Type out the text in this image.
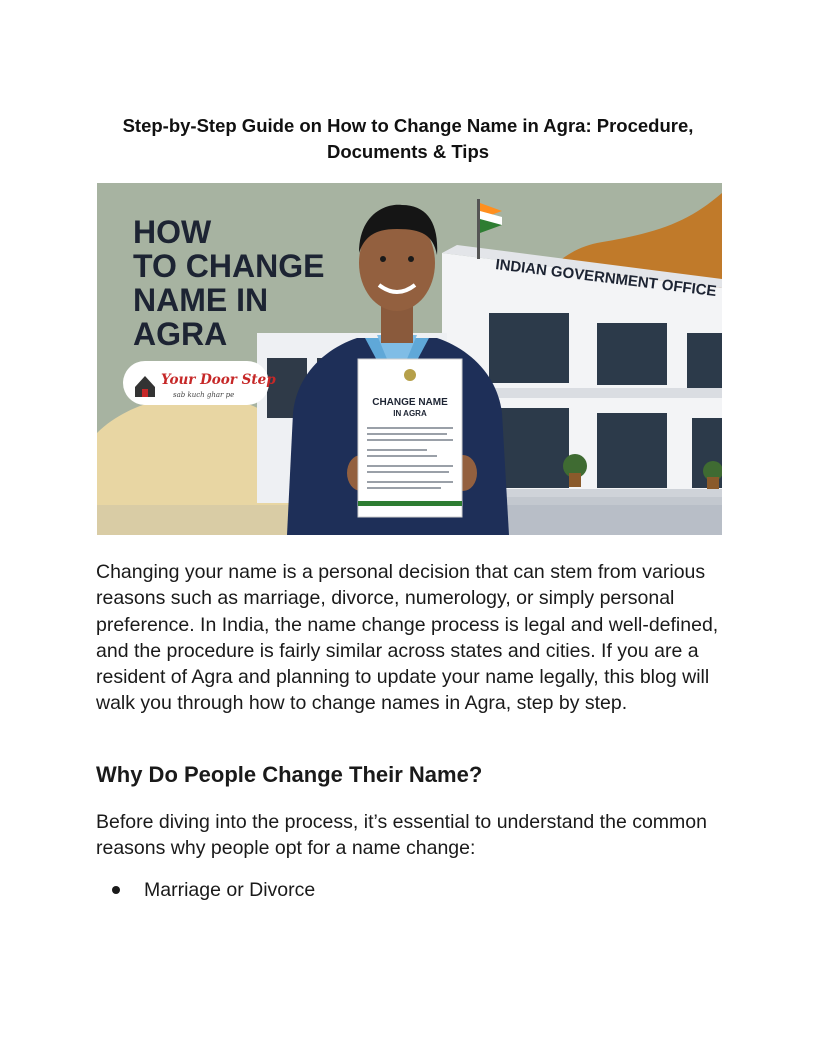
Step-by-Step Guide on How to Change Name in Agra: Procedure,
Documents & Tips
INDIAN GOVERNMENT OFFICE
HOW
TO CHANGE
NAME IN
AGRA
Your Door Step
sab kuch ghar pe
CHANGE NAME
IN AGRA

Changing your name is a personal decision that can stem from various reasons such as marriage, divorce, numerology, or simply personal preference. In India, the name change process is legal and well-defined, and the procedure is fairly similar across states and cities. If you are a resident of Agra and planning to update your name legally, this blog will walk you through how to change names in Agra, step by step.

Why Do People Change Their Name?

Before diving into the process, it’s essential to understand the common reasons why people opt for a name change:

Marriage or Divorce
